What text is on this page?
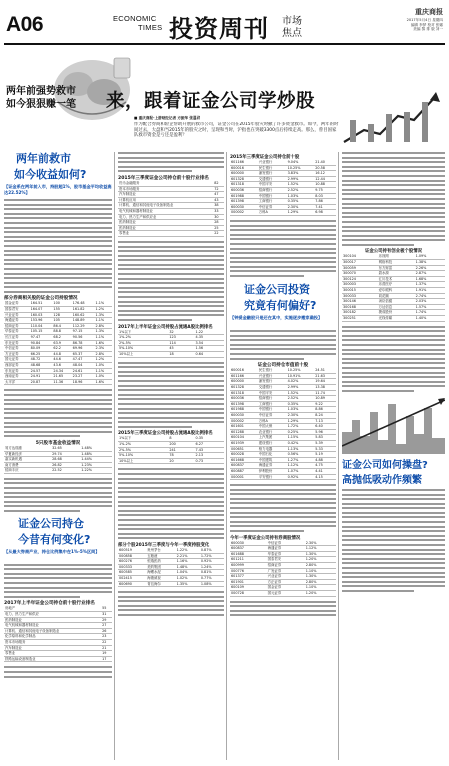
A06	ECONOMIC
TIMES 投资周刊 市场
焦点
重庆商报
2017年5月4日 星期四
编辑 李梦 校对 张娜
美编 黎 排 版 刘一
两年前强势救市
如今狠狠赚一笔 来，跟着证金公司学炒股
■ 重庆商报-上游财经记者 方振华 张蔓君
作为配合券商和险企帮助开展的救市公司，证金公司在2015年股灾时撒了许多资金救市。如今，两年的时间过去，大盘和当2015年的股灾之时，呈现和当时，沪指也在突破3300点后持续走高。那么，曾目国家队救市资金是亏还是盈利？
两年前救市
如今收益如何?
【证金系在两年前入市，持股超1%，股市基金平均收益高达22.52%】
部分券商相关股的证金公司持股情况
国金证券	164.51	100	176.48	1.1%
国泰君安	164.07	155	161.82	1.2%
兴业证券	160.03	128	160.62	1.3%
海通证券	153.96	105	148.89	1.1%
招商证券	110.04	86.4	112.29	2.8%
华泰证券	105.15	88.8	97.15	1.3%
长江证券	97.47	68.2	90.56	1.1%
东北证券	90.84	63.9	86.78	1.6%
中信证券	80.09	62.2	69.96	2.3%
方正证券	66.25	44.8	65.37	2.8%
国元证券	48.72	44.6	47.47	1.2%
西部证券	48.68	43.6	48.04	1.0%
东吴证券	24.57	24.34	24.61	1.1%
西南证券	24.91	21.65	23.27	1.0%
太平洋	20.87	11.36	18.96	1.6%
5只股市基金收益情况
易方达瑞惠	32.65	1.48%
华夏新经济	29.74	1.48%
嘉实新机遇	28.68	1.44%
南方消费	26.82	1.23%
招商丰庆	22.52	1.22%
证金公司持仓
今昔有何变化?
【从最大券商产业，持仓比例集中在1%-5%区间】
2017年上半年证金公司持仓前十股行业排名
房地产	55
电力、热力生产和供应	31
医药制造业	29
电气机械和器材制造业	27
计算机、通信和其他电子设备制造业	26
化学原料和化学制品	23
资本市场服务	22
汽车制造业	21
零售业	19
铁路运输设备制造业	17
2015年三季度证金公司持仓前十股行业排名
货币金融服务	82
资本市场服务	72
汽车制造业	47
计算机应用	43
计算机、通信和其他电子设备制造业	38
电气机械和器材制造业	33
电力、热力生产和供应业	30
医药制造业	28
医药制造业	25
零售业	22
2017年上半年证金公司持股占流通A股比例排名
1%以下	32	1.22
1%-2%	123	4.35
2%-5%	114	3.54
5%-10%	45	1.56
10%以上	18	0.64
2015年三季度证金公司持股占流通A股比例排名
1%以下	8	0.35
1%-2%	200	6.27
2%-5%	241	7.43
5%-10%	78	2.13
10%以上	20	0.73
部分个股2015年三季度与今年一季度持股变化
600519	贵州茅台	1.22%	0.87%
000858	五粮液	2.21%	1.72%
600276	恒瑞医药	1.16%	0.92%
000333	美的集团	1.48%	1.24%
600585	海螺水泥	1.04%	0.81%
002415	海康威视	1.02%	0.77%
600690	青岛海尔	1.35%	1.08%
2015年三季度证金公司持仓前十股
601166	兴业银行	9.04%	21.40
600016	民生银行	10.25%	20.58
600000	浦发银行	3.83%	16.12
601328	交通银行	2.99%	12.44
601318	中国平安	1.52%	10.88
600036	招商银行	2.52%	9.75
601988	中国银行	1.03%	8.03
601398	工商银行	0.35%	7.86
600030	中信证券	2.30%	7.41
000002	万科A	1.29%	6.98
证金公司投资
究竟有何偏好?
【钟爱金融股只是还在其中，实施逐步搬家确投】
证金公司持仓市值前十股
600016	民生银行	10.25%	24.51
601166	兴业银行	10.91%	21.63
600000	浦发银行	4.02%	19.64
601328	交通银行	2.99%	13.38
601318	中国平安	1.52%	11.74
600036	招商银行	2.52%	10.89
601398	工商银行	0.35%	9.22
601988	中国银行	1.03%	8.86
600030	中信证券	2.30%	8.24
000002	万科A	1.29%	7.13
601601	中国太保	1.72%	6.40
601288	农业银行	0.25%	5.96
600104	上汽集团	1.15%	5.83
601939	建设银行	0.42%	5.39
000651	格力电器	1.13%	5.33
600028	中国石化	0.56%	5.19
601668	中国建筑	1.27%	4.88
600837	海通证券	1.12%	4.75
600887	伊利股份	1.07%	4.41
000001	平安银行	0.92%	4.15
今年一季度证金公司持有券商股情况
600030	中信证券	2.30%
600837	海通证券	1.12%
601688	华泰证券	1.30%
601211	国泰君安	1.20%
600999	招商证券	2.80%
000776	广发证券	1.10%
601377	兴业证券	1.30%
601901	方正证券	2.80%
600109	国金证券	1.10%
000728	国元证券	1.20%
证金公司持有创业板个股情况
300104	乐视网	1.09%
300017	网宿科技	1.38%
300059	东方财富	2.26%
300070	碧水源	2.87%
300124	汇川技术	1.68%
300003	乐普医疗	1.37%
300015	爱尔眼科	1.91%
300033	同花顺	2.74%
300146	汤臣倍健	2.03%
300168	万达信息	1.57%
300182	捷成股份	1.74%
300251	光线传媒	1.40%
证金公司如何操盘?
高抛低吸动作频繁
